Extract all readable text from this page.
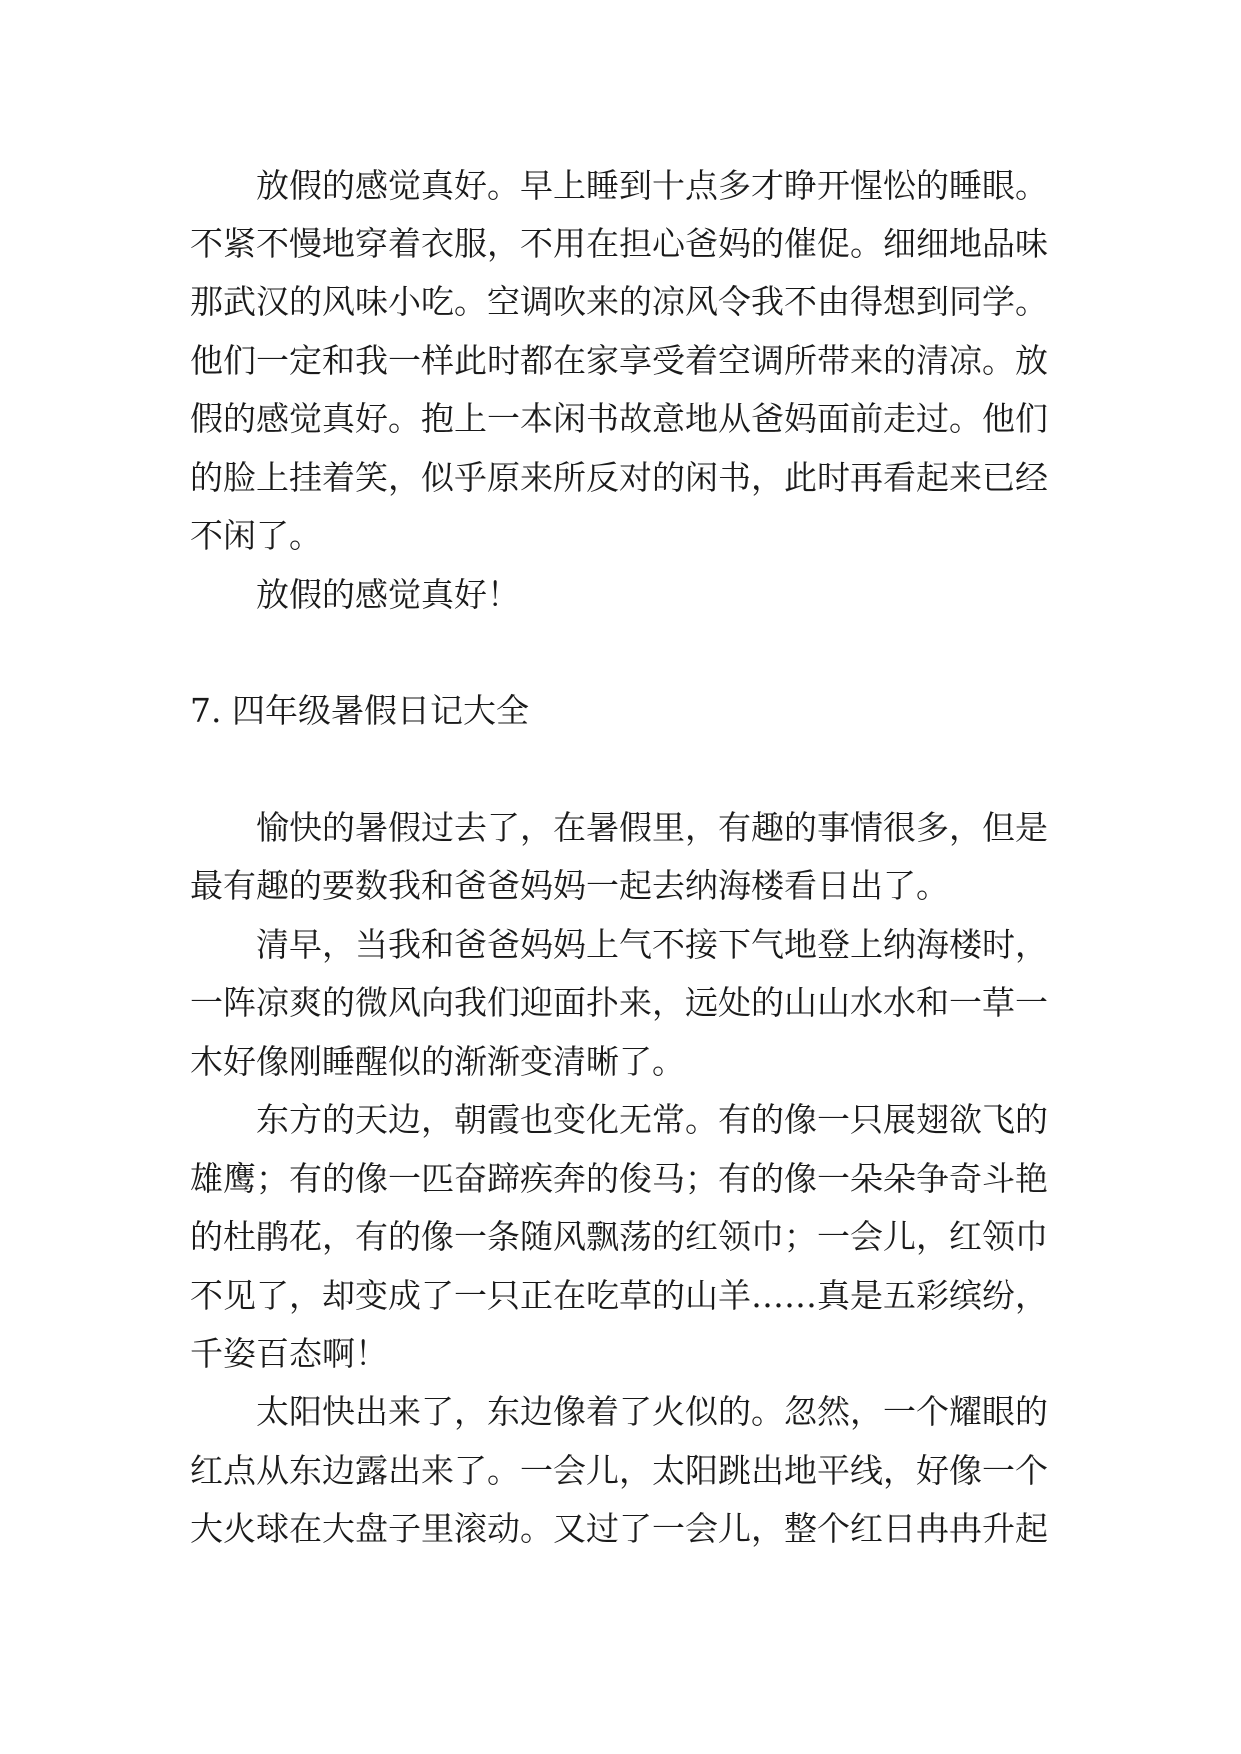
放假的感觉真好。早上睡到十点多才睁开惺忪的睡眼。
不紧不慢地穿着衣服，不用在担心爸妈的催促。细细地品味
那武汉的风味小吃。空调吹来的凉风令我不由得想到同学。
他们一定和我一样此时都在家享受着空调所带来的清凉。放
假的感觉真好。抱上一本闲书故意地从爸妈面前走过。他们
的脸上挂着笑，似乎原来所反对的闲书，此时再看起来已经
不闲了。
放假的感觉真好！
7. 四年级暑假日记大全
愉快的暑假过去了，在暑假里，有趣的事情很多，但是
最有趣的要数我和爸爸妈妈一起去纳海楼看日出了。
清早，当我和爸爸妈妈上气不接下气地登上纳海楼时，
一阵凉爽的微风向我们迎面扑来，远处的山山水水和一草一
木好像刚睡醒似的渐渐变清晰了。
东方的天边，朝霞也变化无常。有的像一只展翅欲飞的
雄鹰；有的像一匹奋蹄疾奔的俊马；有的像一朵朵争奇斗艳
的杜鹃花，有的像一条随风飘荡的红领巾；一会儿，红领巾
不见了，却变成了一只正在吃草的山羊……真是五彩缤纷，
千姿百态啊！
太阳快出来了，东边像着了火似的。忽然，一个耀眼的
红点从东边露出来了。一会儿，太阳跳出地平线，好像一个
大火球在大盘子里滚动。又过了一会儿，整个红日冉冉升起
